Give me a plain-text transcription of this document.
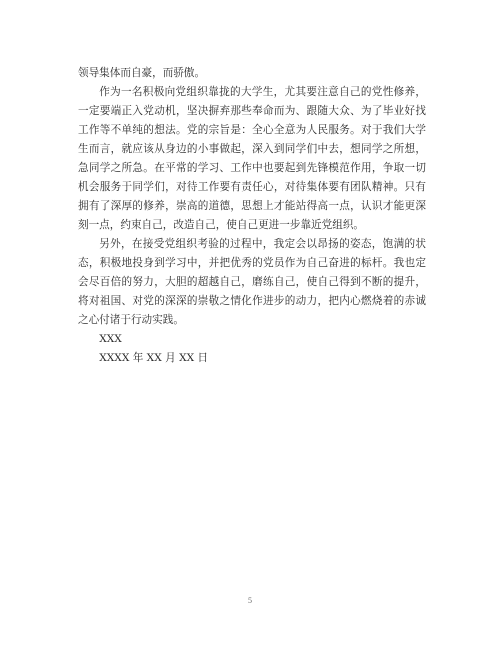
领导集体而自豪，而骄傲。

作为一名积极向党组织靠拢的大学生，尤其要注意自己的党性修养，一定要端正入党动机，坚决摒弃那些奉命而为、跟随大众、为了毕业好找工作等不单纯的想法。党的宗旨是：全心全意为人民服务。对于我们大学生而言，就应该从身边的小事做起，深入到同学们中去，想同学之所想，急同学之所急。在平常的学习、工作中也要起到先锋模范作用，争取一切机会服务于同学们，对待工作要有责任心，对待集体要有团队精神。只有拥有了深厚的修养，崇高的道德，思想上才能站得高一点，认识才能更深刻一点，约束自己，改造自己，使自己更进一步靠近党组织。

另外，在接受党组织考验的过程中，我定会以昂扬的姿态，饱满的状态，积极地投身到学习中，并把优秀的党员作为自己奋进的标杆。我也定会尽百倍的努力，大胆的超越自己，磨练自己，使自己得到不断的提升，将对祖国、对党的深深的崇敬之情化作进步的动力，把内心燃烧着的赤诚之心付诸于行动实践。

XXX

XXXX 年 XX 月 XX 日

5
